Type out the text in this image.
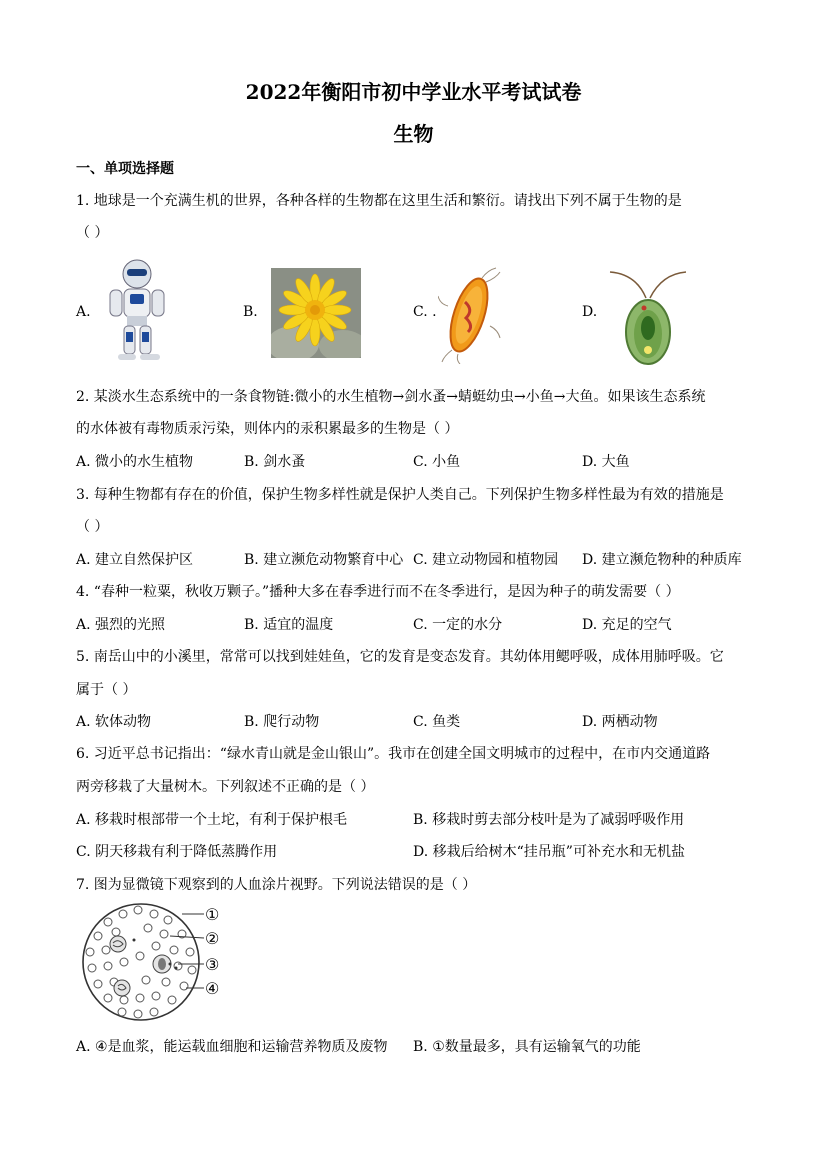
2022年衡阳市初中学业水平考试试卷
生物
一、单项选择题
1. 地球是一个充满生机的世界，各种各样的生物都在这里生活和繁衍。请找出下列不属于生物的是
（ ）
A.	B.	C. .	D.
2. 某淡水生态系统中的一条食物链:微小的水生植物→剑水蚤→蜻蜓幼虫→小鱼→大鱼。如果该生态系统
的水体被有毒物质汞污染，则体内的汞积累最多的生物是（ ）
A. 微小的水生植物	B. 剑水蚤	C. 小鱼	D. 大鱼
3. 每种生物都有存在的价值，保护生物多样性就是保护人类自己。下列保护生物多样性最为有效的措施是
（ ）
A. 建立自然保护区	B. 建立濒危动物繁育中心 C. 建立动物园和植物园 D. 建立濒危物种的种质库
4. “春种一粒粟，秋收万颗子。”播种大多在春季进行而不在冬季进行，是因为种子的萌发需要（ ）
A. 强烈的光照	B. 适宜的温度	C. 一定的水分	D. 充足的空气
5. 南岳山中的小溪里，常常可以找到娃娃鱼，它的发育是变态发育。其幼体用鳃呼吸，成体用肺呼吸。它
属于（ ）
A. 软体动物	B. 爬行动物	C. 鱼类	D. 两栖动物
6. 习近平总书记指出：“绿水青山就是金山银山”。我市在创建全国文明城市的过程中，在市内交通道路
两旁移栽了大量树木。下列叙述不正确的是（ ）
A. 移栽时根部带一个土坨，有利于保护根毛	B. 移栽时剪去部分枝叶是为了减弱呼吸作用
C. 阴天移栽有利于降低蒸腾作用	D. 移栽后给树木“挂吊瓶”可补充水和无机盐
7. 图为显微镜下观察到的人血涂片视野。下列说法错误的是（ ）
①
②
③
④
A. ④是血浆，能运载血细胞和运输营养物质及废物 B. ①数量最多，具有运输氧气的功能
